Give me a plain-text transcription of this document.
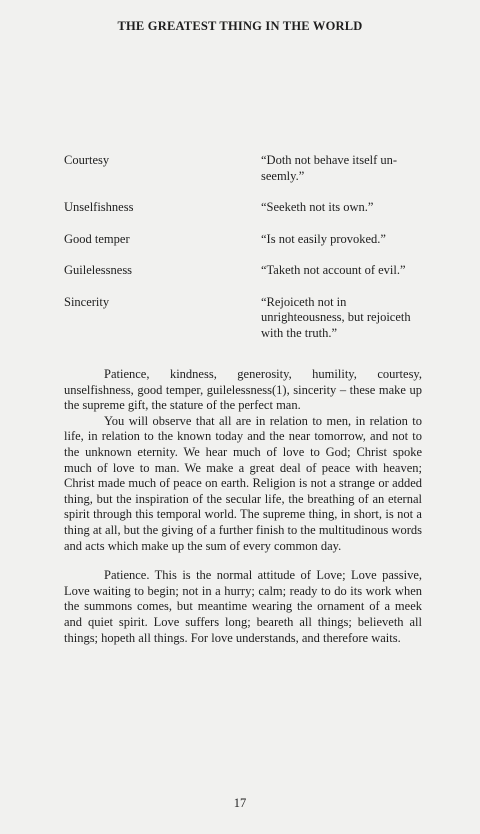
THE GREATEST THING IN THE WORLD
Courtesy	“Doth not behave itself un-seemly.”
Unselfishness	“Seeketh not its own.”
Good temper	“Is not easily provoked.”
Guilelessness	“Taketh not account of evil.”
Sincerity	“Rejoiceth not in unrighteousness, but rejoiceth with the truth.”

Patience, kindness, generosity, humility, courtesy, unselfishness, good temper, guilelessness(1), sincerity – these make up the supreme gift, the stature of the perfect man.

You will observe that all are in relation to men, in relation to life, in relation to the known today and the near tomorrow, and not to the unknown eternity. We hear much of love to God; Christ spoke much of love to man. We make a great deal of peace with heaven; Christ made much of peace on earth. Religion is not a strange or added thing, but the inspiration of the secular life, the breathing of an eternal spirit through this temporal world. The supreme thing, in short, is not a thing at all, but the giving of a further finish to the multitudinous words and acts which make up the sum of every common day.

Patience. This is the normal attitude of Love; Love passive, Love waiting to begin; not in a hurry; calm; ready to do its work when the summons comes, but meantime wearing the ornament of a meek and quiet spirit. Love suffers long; beareth all things; believeth all things; hopeth all things. For love understands, and therefore waits.

17
